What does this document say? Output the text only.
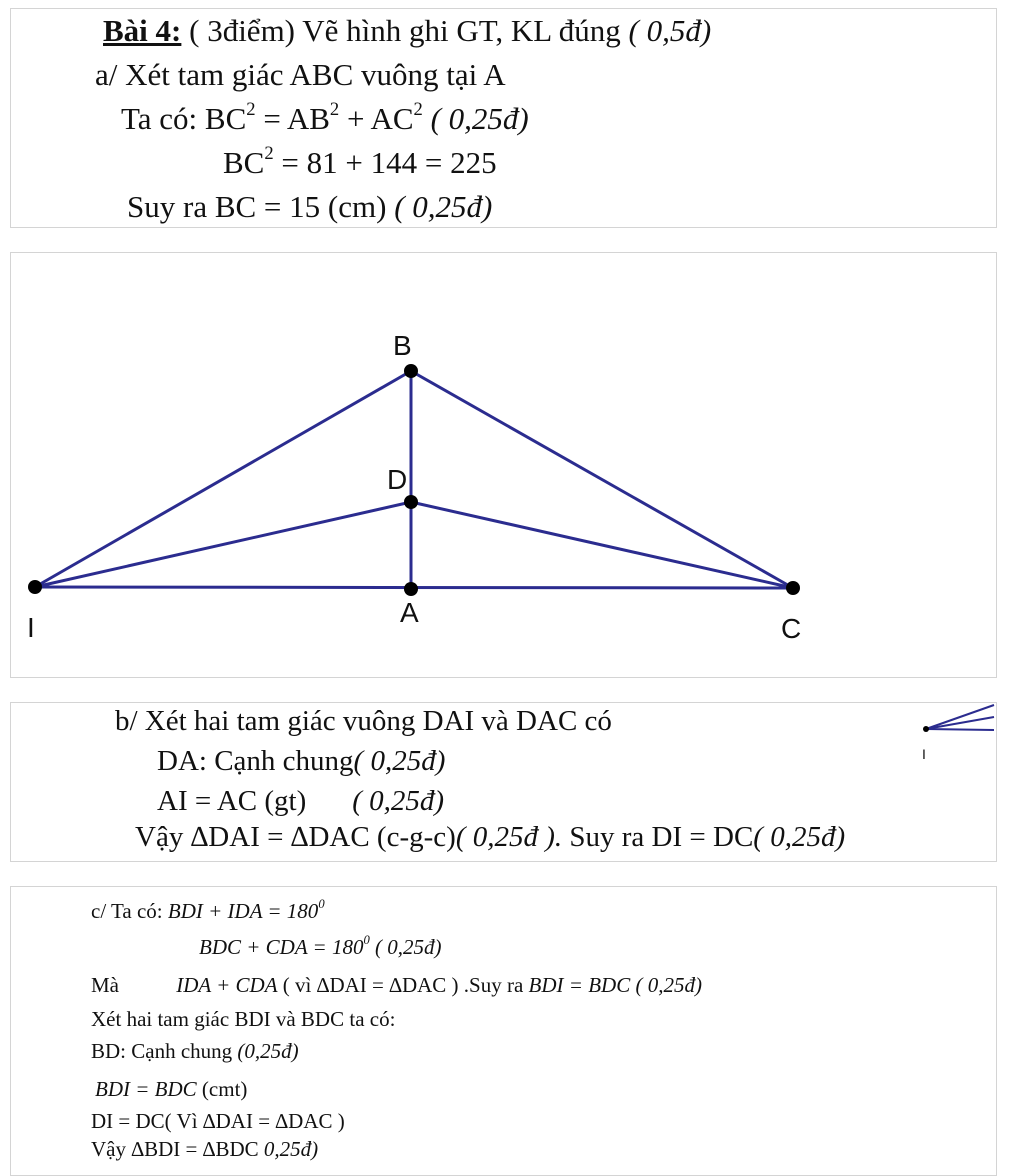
Bài 4: ( 3điểm) Vẽ hình ghi GT, KL đúng ( 0,5đ)
a/ Xét tam giác ABC vuông tại A
Ta có: $BC^2 = AB^2 + AC^2$ ( 0,25đ)
$BC^2 = 81 + 144 = 225$
Suy ra BC = 15 (cm) ( 0,25đ)
B
D
I	A
C
b/ Xét hai tam giác vuông DAI và DAC có
DA: Cạnh chung( 0,25đ)
AI = AC (gt) ( 0,25đ)
Vậy ∆DAI = ∆DAC (c-g-c)( 0,25đ ). Suy ra DI = DC( 0,25đ)
I
c/ Ta có: BDI + IDA = $180^0$
BDC + CDA = $180^0$ ( 0,25đ)
Mà	IDA + CDA ( vì ∆DAI = ∆DAC ) .Suy ra BDI = BDC ( 0,25đ)
Xét hai tam giác BDI và BDC ta có:
BD: Cạnh chung (0,25đ)
BDI = BDC (cmt)
DI = DC( Vì ∆DAI = ∆DAC )
Vậy ∆BDI = ∆BDC 0,25đ)
